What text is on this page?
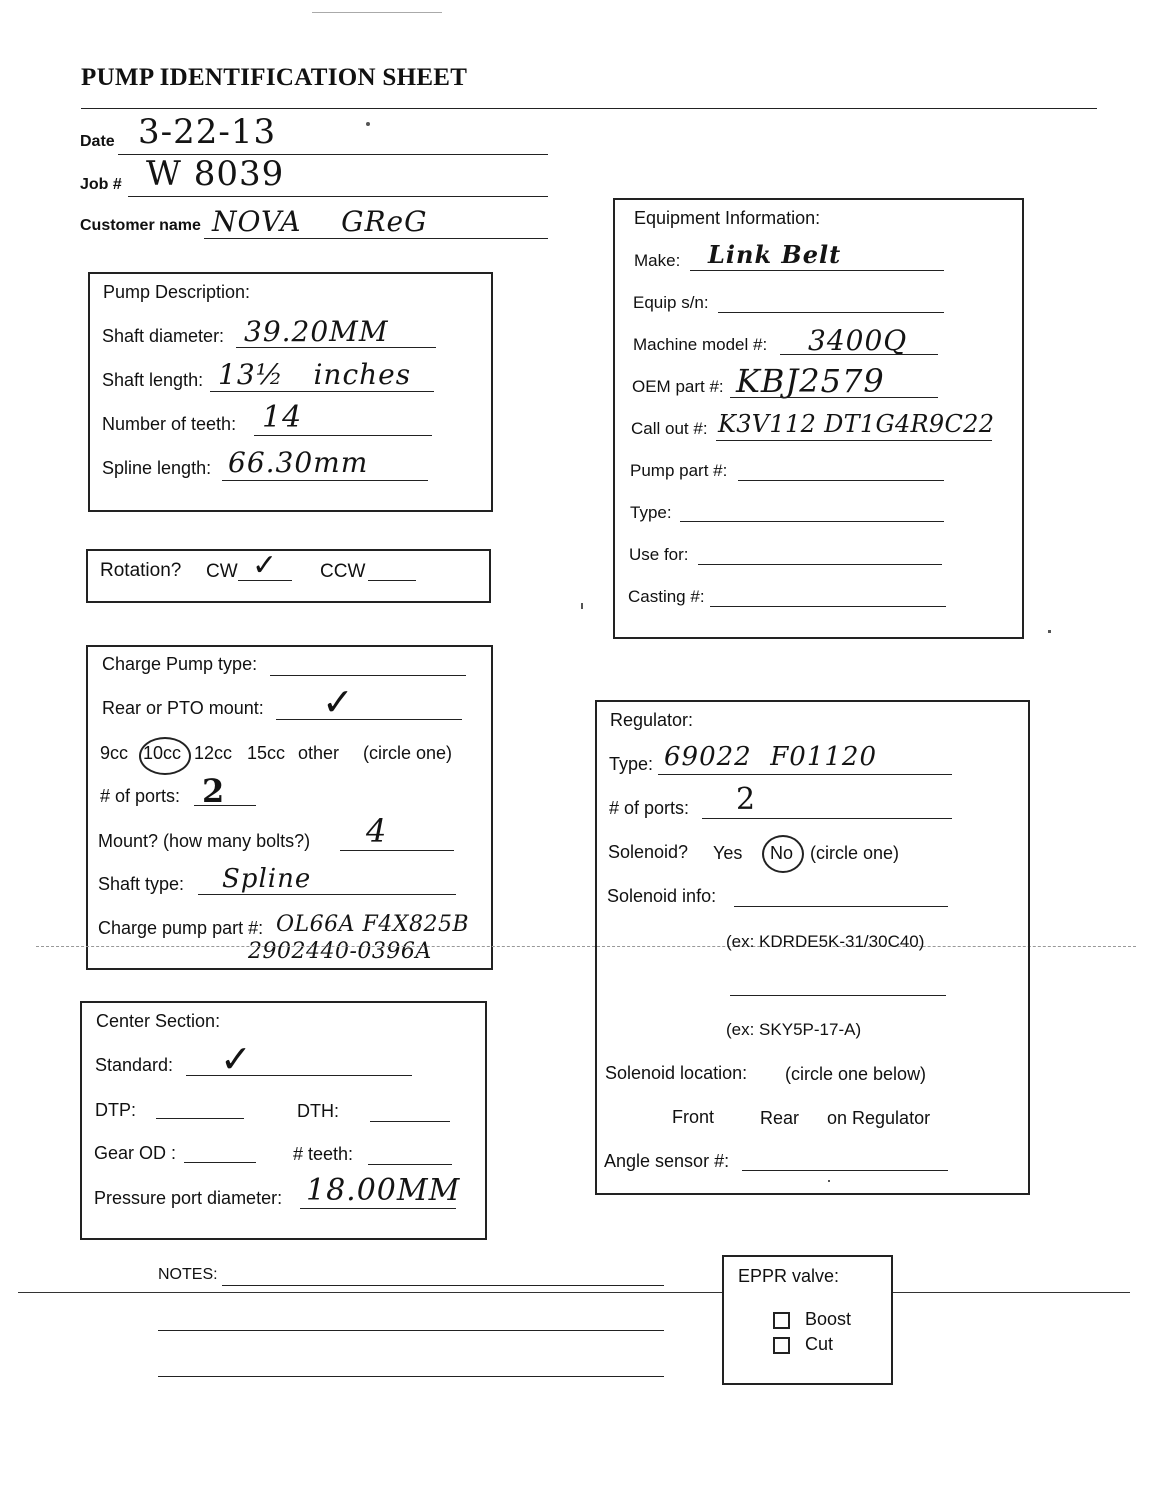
PUMP IDENTIFICATION SHEET
Date 3-22-13
Job # W 8039
Customer name NOVA    GReG
Pump Description:
Shaft diameter: 39.20MM
Shaft length: 13½   inches
Number of teeth: 14
Spline length: 66.30mm
Rotation? CW ✓ CCW
Charge Pump type:
Rear or PTO mount: ✓
9cc 10cc 12cc 15cc other (circle one)
# of ports: 2
Mount? (how many bolts?) 4
Shaft type: Spline
Charge pump part #: OL66A F4X825B
2902440-0396A
Center Section:
Standard: ✓
DTP:	DTH:
Gear OD :	# teeth:
Pressure port diameter: 18.00MM
Equipment Information:
Make: Link Belt
Equip s/n:
Machine model #: 3400Q
OEM part #: KBJ2579
Call out #: K3V112 DT1G4R9C22
Pump part #:
Type:
Use for:
Casting #:
Regulator:
Type: 69022  F01120
# of ports: 2
Solenoid? Yes No (circle one)
Solenoid info:
(ex: KDRDE5K-31/30C40)
(ex: SKY5P-17-A)
Solenoid location: (circle one below)
Front	Rear on Regulator
Angle sensor #:
NOTES:	EPPR valve:
Boost
Cut
